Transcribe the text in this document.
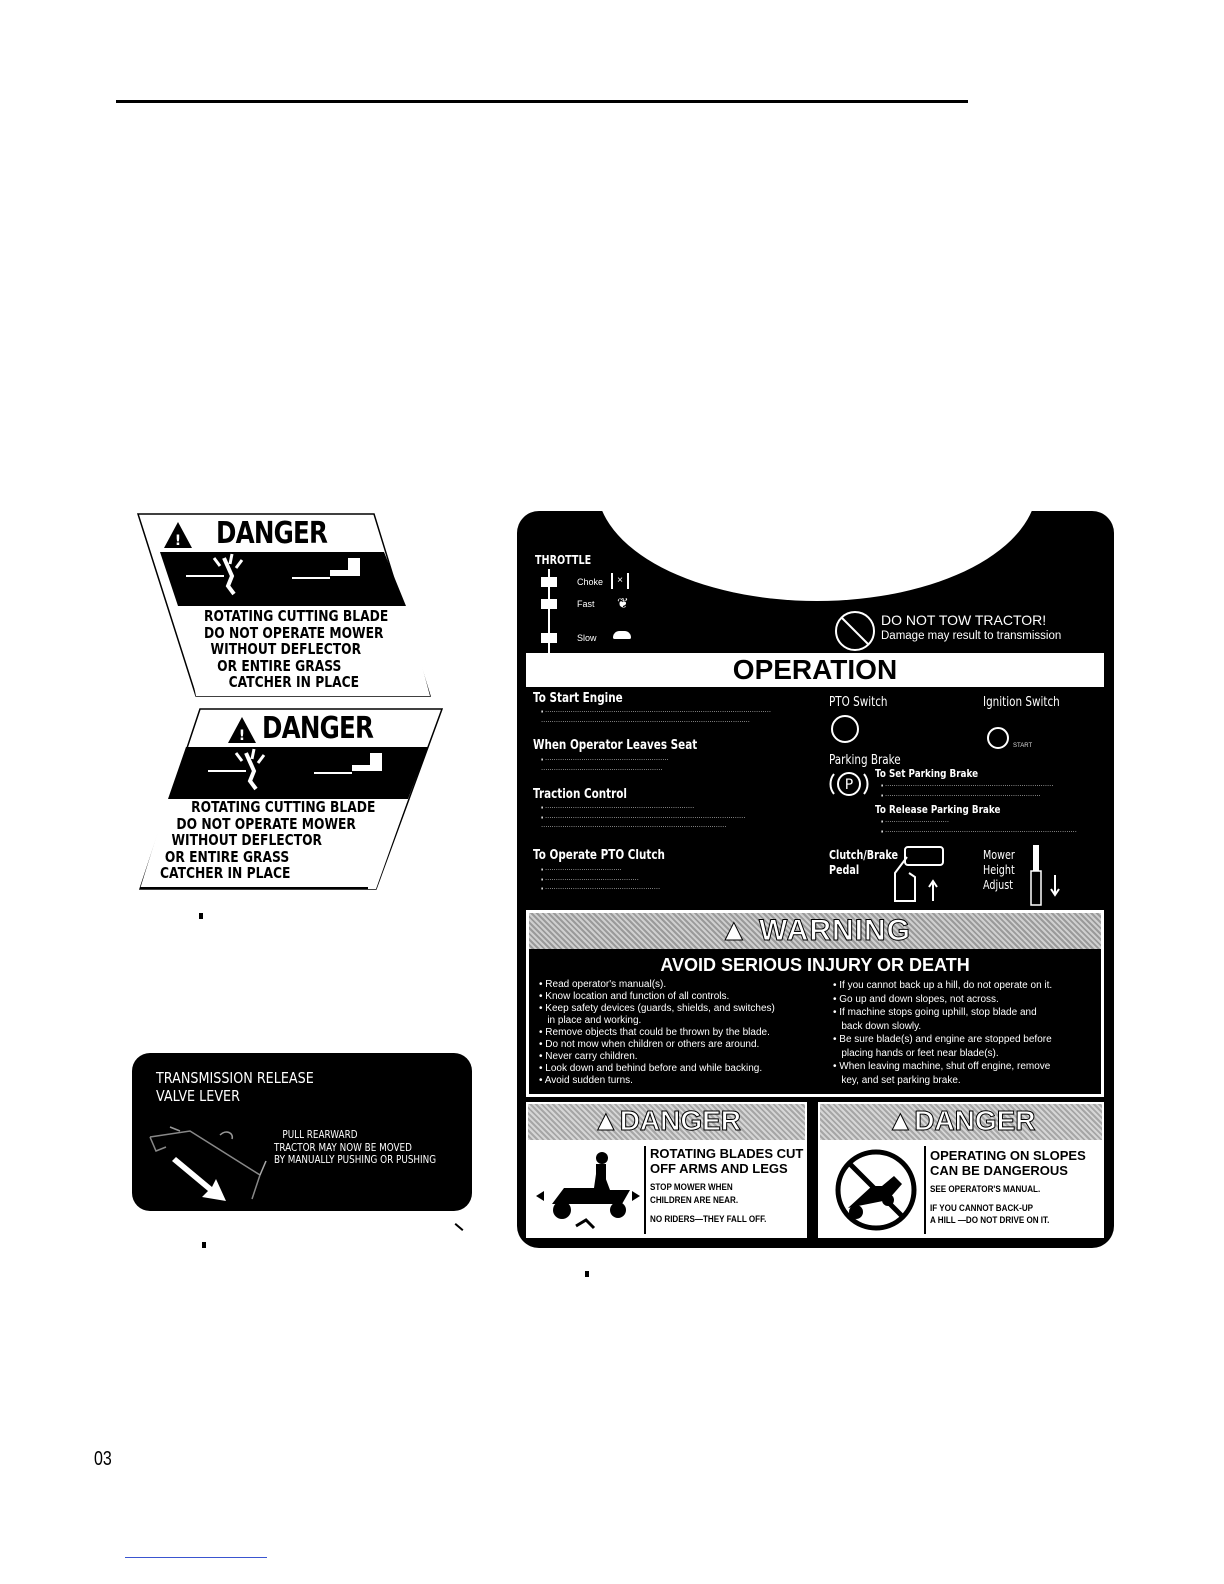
! DANGER
ROTATING CUTTING BLADE
DO NOT OPERATE MOWER
WITHOUT DEFLECTOR
OR ENTIRE GRASS
CATCHER IN PLACE
! DANGER
ROTATING CUTTING BLADE
DO NOT OPERATE MOWER
WITHOUT DEFLECTOR
OR ENTIRE GRASS
CATCHER IN PLACE
TRANSMISSION RELEASE
VALVE LEVER
PULL REARWARD
TRACTOR MAY NOW BE MOVED
BY MANUALLY PUSHING OR PUSHING
THROTTLE
Choke	×
Fast ❦
Slow
DO NOT TOW TRACTOR!
Damage may result to transmission
OPERATION
To Start Engine
▪ ··········································································································
··································································································
When Operator Leaves Seat
▪ ··························································
·························································
Traction Control
▪ ······································································
▪ ······························································································
·······················································································
To Operate PTO Clutch
▪ ····································
▪ ············································
▪ ······················································
PTO Switch	Ignition Switch
START
Parking Brake
P
To Set Parking Brake
▪ ···············································································
▪ ·········································································
To Release Parking Brake
▪ ······························
▪ ··························································································
Clutch/Brake
Pedal
Mower
Height
Adjust
▲ WARNING
AVOID SERIOUS INJURY OR DEATH
• Read operator's manual(s).
• Know location and function of all controls.
• Keep safety devices (guards, shields, and switches)
in place and working.
• Remove objects that could be thrown by the blade.
• Do not mow when children or others are around.
• Never carry children.
• Look down and behind before and while backing.
• Avoid sudden turns.
• If you cannot back up a hill, do not operate on it.
• Go up and down slopes, not across.
• If machine stops going uphill, stop blade and
back down slowly.
• Be sure blade(s) and engine are stopped before
placing hands or feet near blade(s).
• When leaving machine, shut off engine, remove
key, and set parking brake.
▲DANGER
ROTATING BLADES CUT
OFF ARMS AND LEGS
STOP MOWER WHEN
CHILDREN ARE NEAR.
NO RIDERS—THEY FALL OFF.
▲DANGER
OPERATING ON SLOPES
CAN BE DANGEROUS
SEE OPERATOR'S MANUAL.
IF YOU CANNOT BACK-UP
A HILL —DO NOT DRIVE ON IT.
03
